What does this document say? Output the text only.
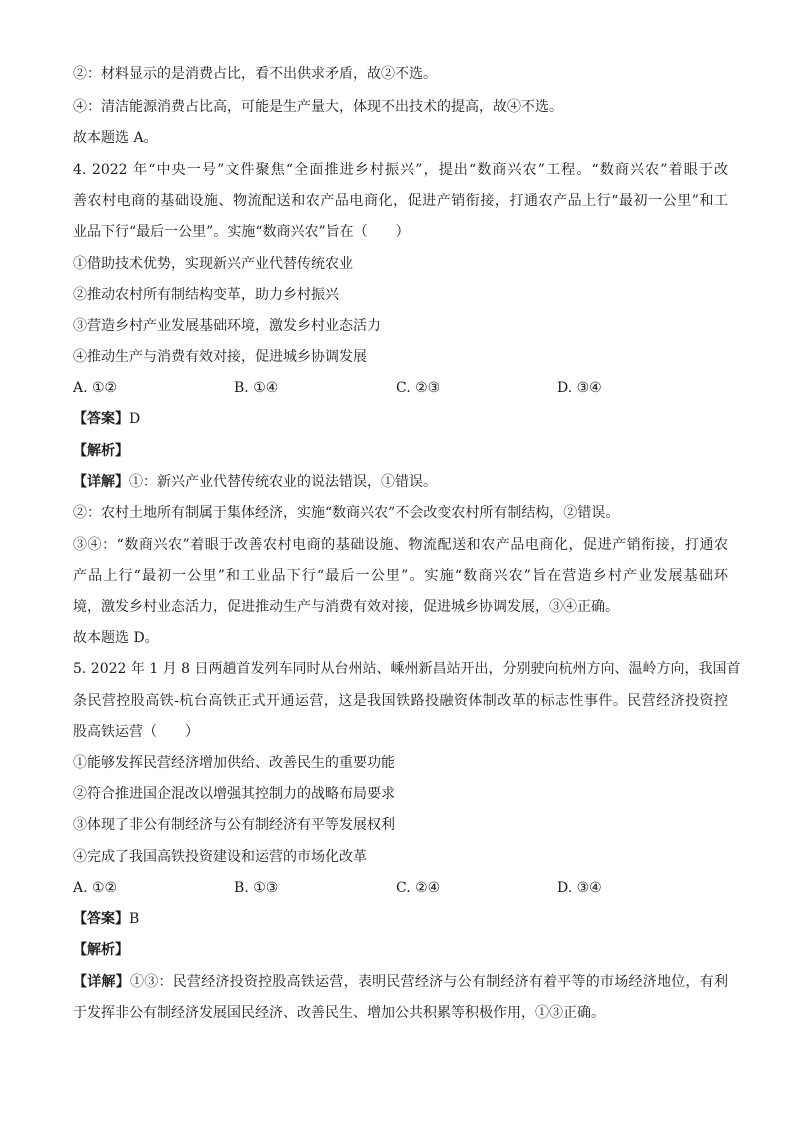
②：材料显示的是消费占比，看不出供求矛盾，故②不选。
④：清洁能源消费占比高，可能是生产量大，体现不出技术的提高，故④不选。
故本题选 A。
4. 2022 年“中央一号”文件聚焦“全面推进乡村振兴”，提出“数商兴农”工程。“数商兴农”着眼于改
善农村电商的基础设施、物流配送和农产品电商化，促进产销衔接，打通农产品上行“最初一公里”和工
业品下行“最后一公里”。实施“数商兴农”旨在（　　）
①借助技术优势，实现新兴产业代替传统农业
②推动农村所有制结构变革，助力乡村振兴
③营造乡村产业发展基础环境，激发乡村业态活力
④推动生产与消费有效对接，促进城乡协调发展
A. ①②	B. ①④	C. ②③	D. ③④
【答案】D
【解析】
【详解】①：新兴产业代替传统农业的说法错误，①错误。
②：农村土地所有制属于集体经济，实施“数商兴农”不会改变农村所有制结构，②错误。
③④：“数商兴农”着眼于改善农村电商的基础设施、物流配送和农产品电商化，促进产销衔接，打通农
产品上行“最初一公里”和工业品下行“最后一公里”。实施“数商兴农”旨在营造乡村产业发展基础环
境，激发乡村业态活力，促进推动生产与消费有效对接，促进城乡协调发展，③④正确。
故本题选 D。
5. 2022 年 1 月 8 日两趟首发列车同时从台州站、嵊州新昌站开出，分别驶向杭州方向、温岭方向，我国首
条民营控股高铁-杭台高铁正式开通运营，这是我国铁路投融资体制改革的标志性事件。民营经济投资控
股高铁运营（　　）
①能够发挥民营经济增加供给、改善民生的重要功能
②符合推进国企混改以增强其控制力的战略布局要求
③体现了非公有制经济与公有制经济有平等发展权利
④完成了我国高铁投资建设和运营的市场化改革
A. ①②	B. ①③	C. ②④	D. ③④
【答案】B
【解析】
【详解】①③：民营经济投资控股高铁运营，表明民营经济与公有制经济有着平等的市场经济地位，有利
于发挥非公有制经济发展国民经济、改善民生、增加公共积累等积极作用，①③正确。
